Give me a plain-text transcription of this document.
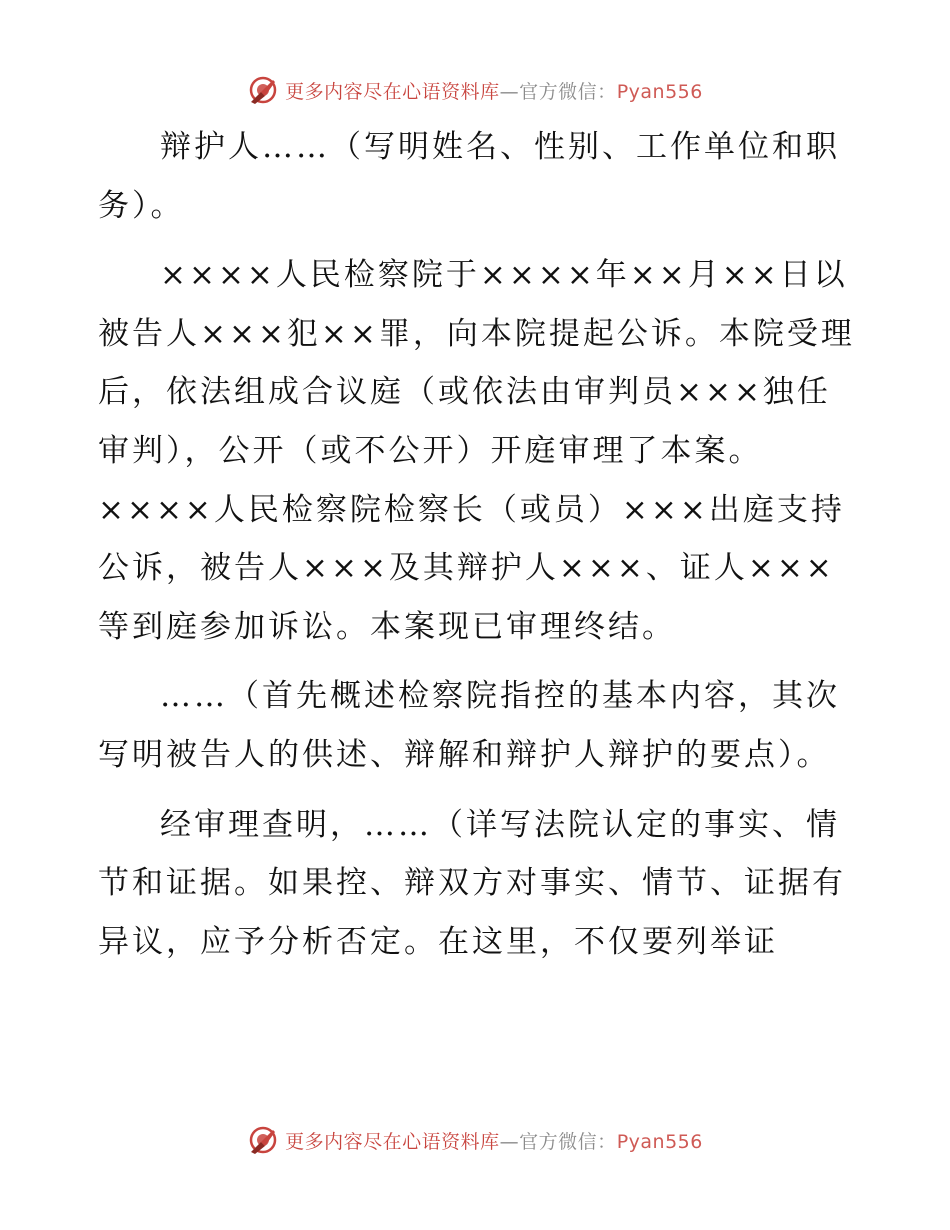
更多内容尽在心语资料库—官方微信：Pyan556

辩护人……（写明姓名、性别、工作单位和职务）。

××××人民检察院于××××年××月××日以被告人×××犯××罪，向本院提起公诉。本院受理后，依法组成合议庭（或依法由审判员×××独任审判），公开（或不公开）开庭审理了本案。××××人民检察院检察长（或员）×××出庭支持公诉，被告人×××及其辩护人×××、证人×××等到庭参加诉讼。本案现已审理终结。

……（首先概述检察院指控的基本内容，其次写明被告人的供述、辩解和辩护人辩护的要点）。

经审理查明，……（详写法院认定的事实、情节和证据。如果控、辩双方对事实、情节、证据有异议，应予分析否定。在这里，不仅要列举证

更多内容尽在心语资料库—官方微信：Pyan556
